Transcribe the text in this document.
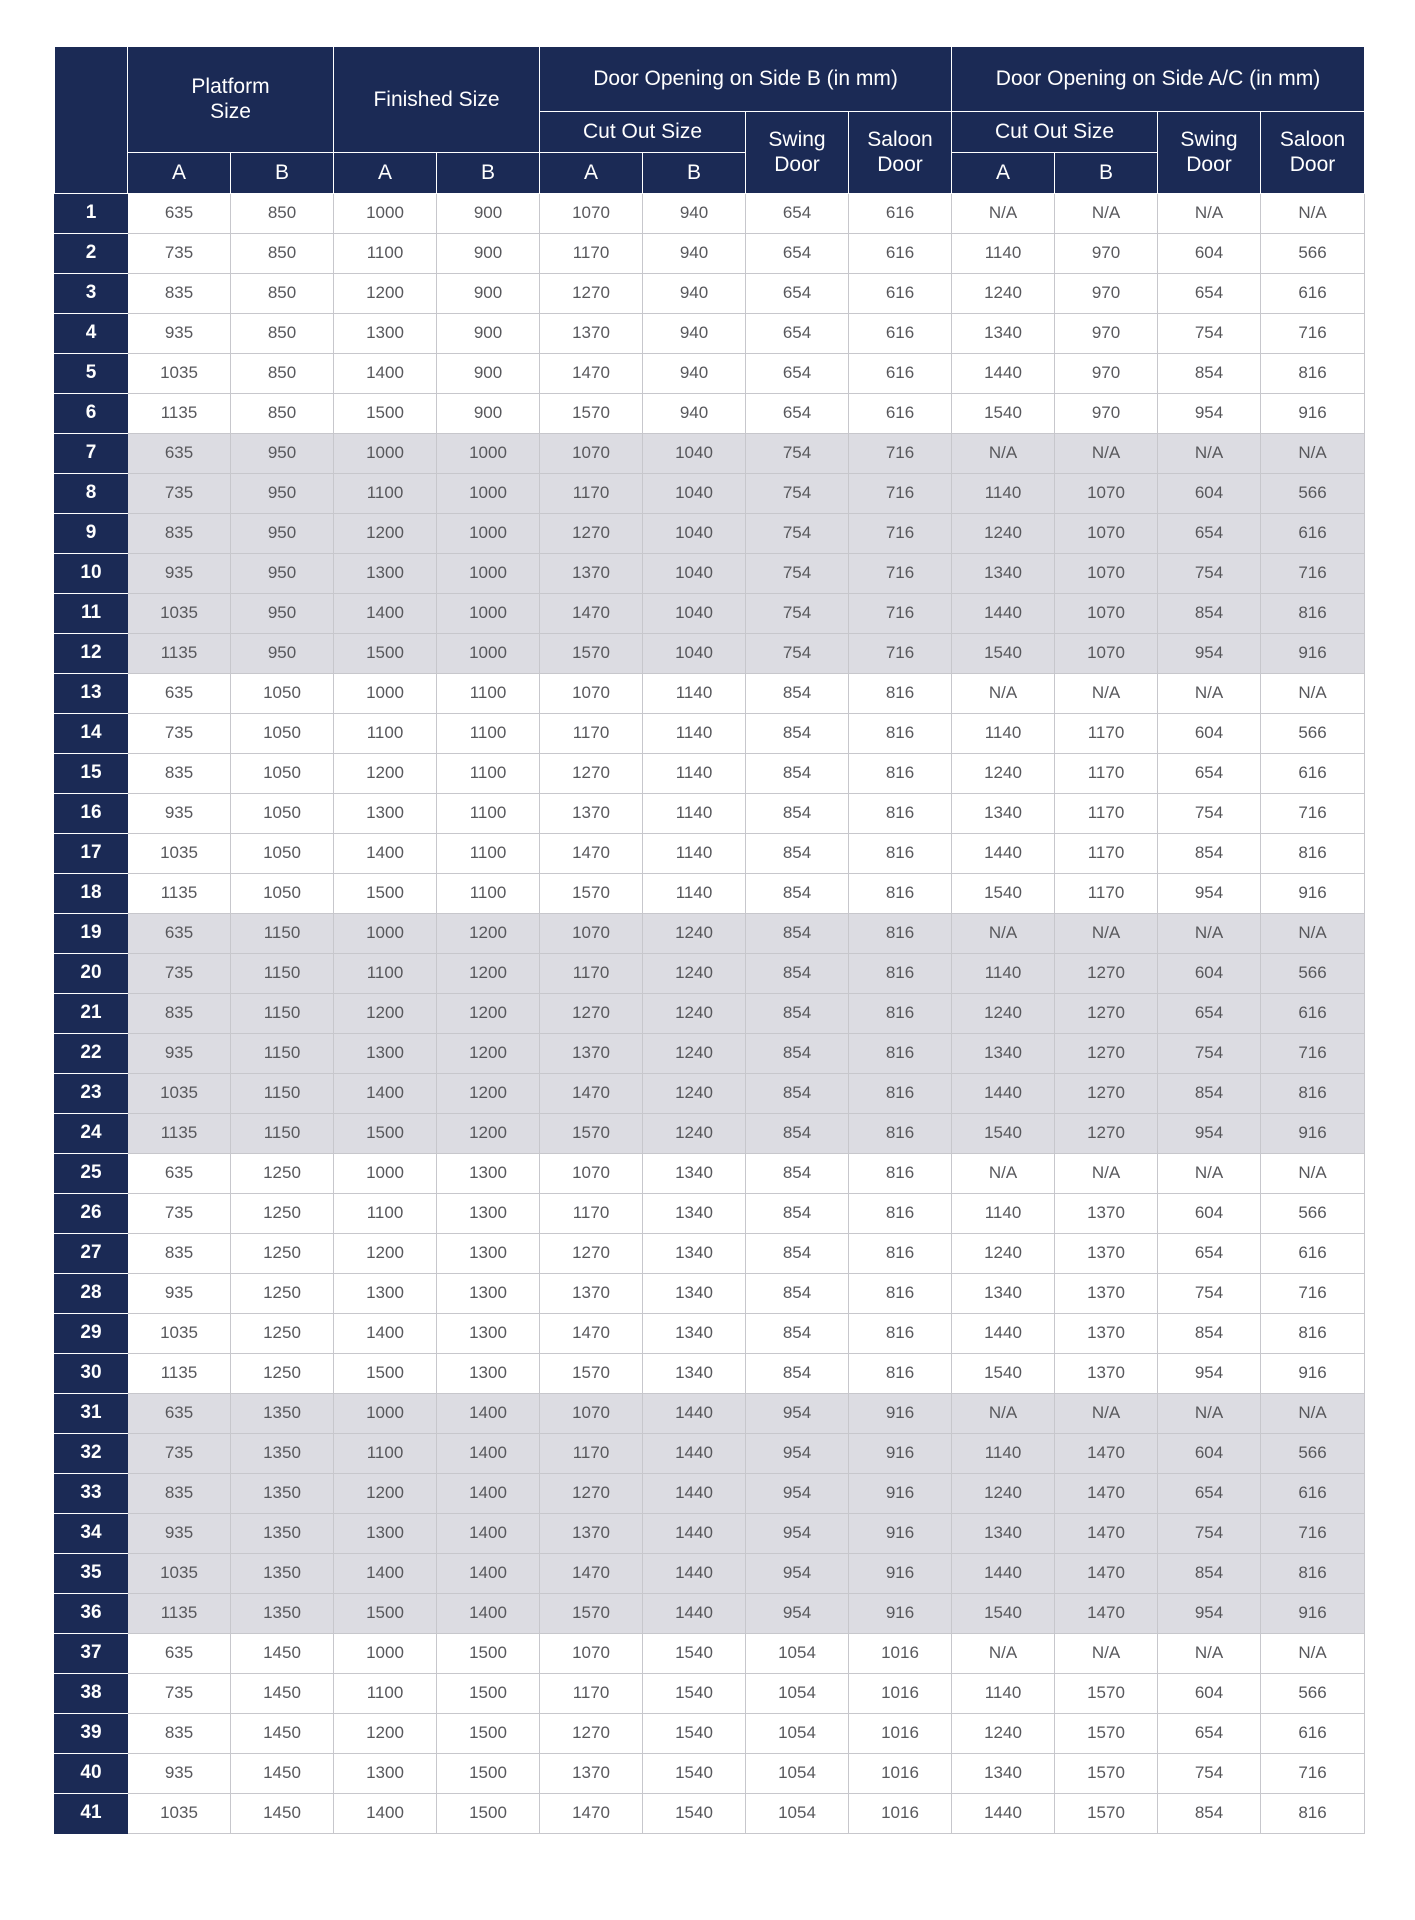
	Platform Size		Finished Size		Door Opening on Side B (in mm)				Door Opening on Side A/C (in mm)			
					Cut Out Size		Swing Door	Saloon Door	Cut Out Size		Swing Door	Saloon Door

	A	B	A	B	A	B			A	B		
1	635	850	1000	900	1070	940	654	616	N/A	N/A	N/A	N/A
2	735	850	1100	900	1170	940	654	616	1140	970	604	566
3	835	850	1200	900	1270	940	654	616	1240	970	654	616
4	935	850	1300	900	1370	940	654	616	1340	970	754	716
5	1035	850	1400	900	1470	940	654	616	1440	970	854	816
6	1135	850	1500	900	1570	940	654	616	1540	970	954	916
7	635	950	1000	1000	1070	1040	754	716	N/A	N/A	N/A	N/A
8	735	950	1100	1000	1170	1040	754	716	1140	1070	604	566
9	835	950	1200	1000	1270	1040	754	716	1240	1070	654	616
10	935	950	1300	1000	1370	1040	754	716	1340	1070	754	716
11	1035	950	1400	1000	1470	1040	754	716	1440	1070	854	816
12	1135	950	1500	1000	1570	1040	754	716	1540	1070	954	916
13	635	1050	1000	1100	1070	1140	854	816	N/A	N/A	N/A	N/A
14	735	1050	1100	1100	1170	1140	854	816	1140	1170	604	566
15	835	1050	1200	1100	1270	1140	854	816	1240	1170	654	616
16	935	1050	1300	1100	1370	1140	854	816	1340	1170	754	716
17	1035	1050	1400	1100	1470	1140	854	816	1440	1170	854	816
18	1135	1050	1500	1100	1570	1140	854	816	1540	1170	954	916
19	635	1150	1000	1200	1070	1240	854	816	N/A	N/A	N/A	N/A
20	735	1150	1100	1200	1170	1240	854	816	1140	1270	604	566
21	835	1150	1200	1200	1270	1240	854	816	1240	1270	654	616
22	935	1150	1300	1200	1370	1240	854	816	1340	1270	754	716
23	1035	1150	1400	1200	1470	1240	854	816	1440	1270	854	816
24	1135	1150	1500	1200	1570	1240	854	816	1540	1270	954	916
25	635	1250	1000	1300	1070	1340	854	816	N/A	N/A	N/A	N/A
26	735	1250	1100	1300	1170	1340	854	816	1140	1370	604	566
27	835	1250	1200	1300	1270	1340	854	816	1240	1370	654	616
28	935	1250	1300	1300	1370	1340	854	816	1340	1370	754	716
29	1035	1250	1400	1300	1470	1340	854	816	1440	1370	854	816
30	1135	1250	1500	1300	1570	1340	854	816	1540	1370	954	916
31	635	1350	1000	1400	1070	1440	954	916	N/A	N/A	N/A	N/A
32	735	1350	1100	1400	1170	1440	954	916	1140	1470	604	566
33	835	1350	1200	1400	1270	1440	954	916	1240	1470	654	616
34	935	1350	1300	1400	1370	1440	954	916	1340	1470	754	716
35	1035	1350	1400	1400	1470	1440	954	916	1440	1470	854	816
36	1135	1350	1500	1400	1570	1440	954	916	1540	1470	954	916
37	635	1450	1000	1500	1070	1540	1054	1016	N/A	N/A	N/A	N/A
38	735	1450	1100	1500	1170	1540	1054	1016	1140	1570	604	566
39	835	1450	1200	1500	1270	1540	1054	1016	1240	1570	654	616
40	935	1450	1300	1500	1370	1540	1054	1016	1340	1570	754	716
41	1035	1450	1400	1500	1470	1540	1054	1016	1440	1570	854	816
